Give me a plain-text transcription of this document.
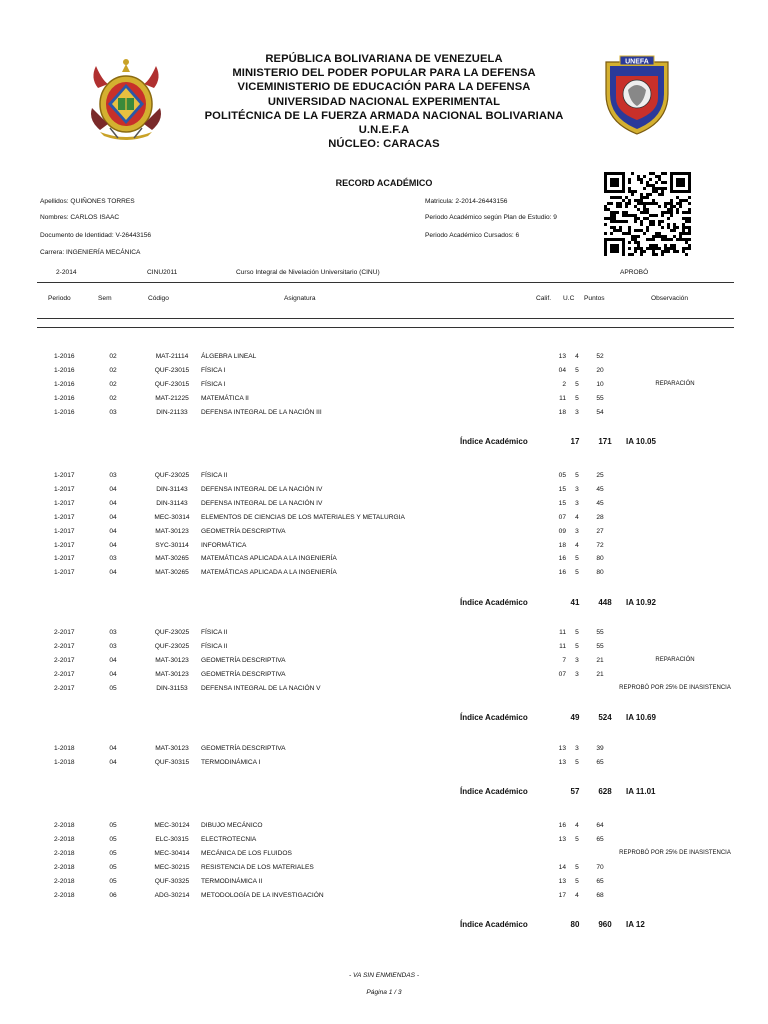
UNEFA
REPÚBLICA BOLIVARIANA DE VENEZUELA
MINISTERIO DEL PODER POPULAR PARA LA DEFENSA
VICEMINISTERIO DE EDUCACIÓN PARA LA DEFENSA
UNIVERSIDAD NACIONAL EXPERIMENTAL
POLITÉCNICA DE LA FUERZA ARMADA NACIONAL BOLIVARIANA
U.N.E.F.A
NÚCLEO: CARACAS
RECORD ACADÉMICO
Apellidos: QUIÑONES TORRES
Nombres: CARLOS ISAAC
Documento de Identidad: V-26443156
Carrera: INGENIERÍA MECÁNICA
Matricula: 2-2014-26443156
Periodo Académico según Plan de Estudio: 9
Periodo Académico Cursados: 6
2-2014	CINU2011	Curso Integral de Nivelación Universitario (CINU)	APROBÓ
Periodo	Sem	Código	Asignatura	Calif. U.C Puntos	Observación
1-2016	02	MAT-21114	ÁLGEBRA LINEAL	13	4	52
1-2016	02	QUF-23015	FÍSICA I	04	5	20
1-2016	02	QUF-23015	FÍSICA I	2	5	10	REPARACIÓN
1-2016	02	MAT-21225	MATEMÁTICA II	11	5	55
1-2016	03	DIN-21133	DEFENSA INTEGRAL DE LA NACIÓN III	18	3	54
Índice Académico	17	171	IA 10.05
1-2017	03	QUF-23025	FÍSICA II	05	5	25
1-2017	04	DIN-31143	DEFENSA INTEGRAL DE LA NACIÓN IV	15	3	45
1-2017	04	DIN-31143	DEFENSA INTEGRAL DE LA NACIÓN IV	15	3	45
1-2017	04	MEC-30314	ELEMENTOS DE CIENCIAS DE LOS MATERIALES Y METALURGIA	07	4	28
1-2017	04	MAT-30123	GEOMETRÍA DESCRIPTIVA	09	3	27
1-2017	04	SYC-30114	INFORMÁTICA	18	4	72
1-2017	03	MAT-30265	MATEMÁTICAS APLICADA A LA INGENIERÍA	16	5	80
1-2017	04	MAT-30265	MATEMÁTICAS APLICADA A LA INGENIERÍA	16	5	80
Índice Académico	41	448	IA 10.92
2-2017	03	QUF-23025	FÍSICA II	11	5	55
2-2017	03	QUF-23025	FÍSICA II	11	5	55
2-2017	04	MAT-30123	GEOMETRÍA DESCRIPTIVA	7	3	21	REPARACIÓN
2-2017	04	MAT-30123	GEOMETRÍA DESCRIPTIVA	07	3	21
2-2017	05	DIN-31153	DEFENSA INTEGRAL DE LA NACIÓN V	REPROBÓ POR 25% DE INASISTENCIA
Índice Académico	49	524	IA 10.69
1-2018	04	MAT-30123	GEOMETRÍA DESCRIPTIVA	13	3	39
1-2018	04	QUF-30315	TERMODINÁMICA I	13	5	65
Índice Académico	57	628	IA 11.01
2-2018	05	MEC-30124	DIBUJO MECÁNICO	16	4	64
2-2018	05	ELC-30315	ELECTROTECNIA	13	5	65
2-2018	05	MEC-30414	MECÁNICA DE LOS FLUIDOS	REPROBÓ POR 25% DE INASISTENCIA
2-2018	05	MEC-30215	RESISTENCIA DE LOS MATERIALES	14	5	70
2-2018	05	QUF-30325	TERMODINÁMICA II	13	5	65
2-2018	06	ADG-30214	METODOLOGÍA DE LA INVESTIGACIÓN	17	4	68
Índice Académico	80	960	IA 12
- VA SIN ENMIENDAS -
Página 1 / 3
